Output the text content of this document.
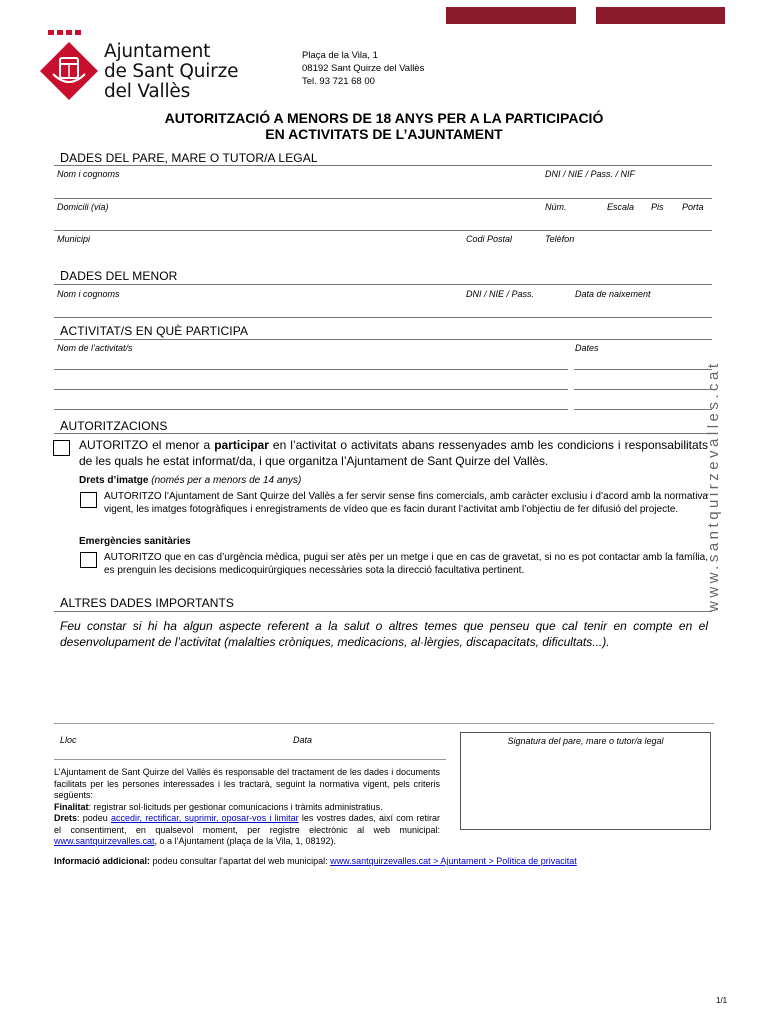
Ajuntament
de Sant Quirze
del Vallès
Plaça de la Vila, 1
08192 Sant Quirze del Vallès
Tel. 93 721 68 00
AUTORITZACIÓ A MENORS DE 18 ANYS PER A LA PARTICIPACIÓ
EN ACTIVITATS DE L’AJUNTAMENT
DADES DEL PARE, MARE O TUTOR/A LEGAL
Nom i cognoms	DNI / NIE / Pass. / NIF
Domicili (via)	Núm.	Escala Pis Porta
Municipi	Codi Postal	Telèfon
DADES DEL MENOR
Nom i cognoms	DNI / NIE / Pass.	Data de naixement
ACTIVITAT/S EN QUÈ PARTICIPA
Nom de l’activitat/s	Dates
AUTORITZACIONS
AUTORITZO el menor a participar en l’activitat o activitats abans ressenyades amb les condicions i responsabilitats de les quals he estat informat/da, i que organitza l’Ajuntament de Sant Quirze del Vallès.
Drets d’imatge (només per a menors de 14 anys)
AUTORITZO l’Ajuntament de Sant Quirze del Vallès a fer servir sense fins comercials, amb caràcter exclusiu i d’acord amb la normativa vigent, les imatges fotogràfiques i enregistraments de vídeo que es facin durant l’activitat amb l’objectiu de fer difusió del projecte.
Emergències sanitàries
AUTORITZO que en cas d’urgència mèdica, pugui ser atès per un metge i que en cas de gravetat, si no es pot contactar amb la família, es prenguin les decisions medicoquirúrgiques necessàries sota la direcció facultativa pertinent.
ALTRES DADES IMPORTANTS
Feu constar si hi ha algun aspecte referent a la salut o altres temes que penseu que cal tenir en compte en el desenvolupament de l’activitat (malalties cròniques, medicacions, al·lèrgies, discapacitats, dificultats...).
Lloc	Data	Signatura del pare, mare o tutor/a legal

L’Ajuntament de Sant Quirze del Vallès és responsable del tractament de les dades i documents facilitats per les persones interessades i les tractarà, seguint la normativa vigent, pels criteris següents:

Finalitat: registrar sol·licituds per gestionar comunicacions i tràmits administratius.

Drets: podeu accedir, rectificar, suprimir, oposar-vos i limitar les vostres dades, així com retirar el consentiment, en qualsevol moment, per registre electrònic al web municipal: www.santquirzevalles.cat, o a l’Ajuntament (plaça de la Vila, 1, 08192).

Informació addicional: podeu consultar l’apartat del web municipal: www.santquirzevalles.cat > Ajuntament > Política de privacitat
www.santquirzevalles.cat
1/1
